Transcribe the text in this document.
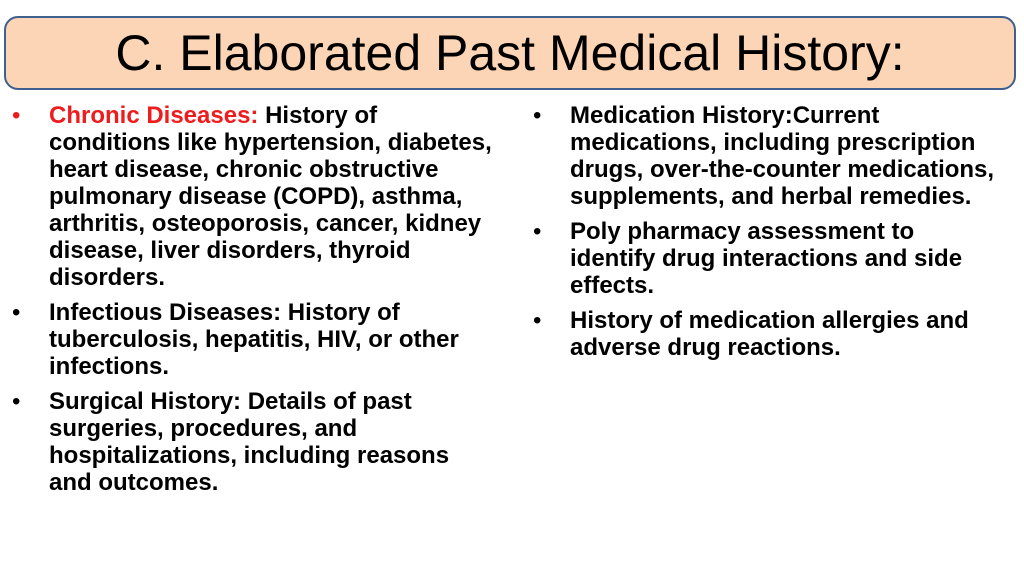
C. Elaborated Past Medical History:
•	Chronic Diseases: History of conditions like hypertension, diabetes, heart disease, chronic obstructive pulmonary disease (COPD), asthma, arthritis, osteoporosis, cancer, kidney disease, liver disorders, thyroid disorders.
•	Infectious Diseases: History of tuberculosis, hepatitis, HIV, or other infections.
•	Surgical History: Details of past surgeries, procedures, and hospitalizations, including reasons and outcomes.
•	Medication History:Current medications, including prescription drugs, over-the-counter medications, supplements, and herbal remedies.
•	Poly pharmacy assessment to identify drug interactions and side effects.
•	History of medication allergies and adverse drug reactions.
